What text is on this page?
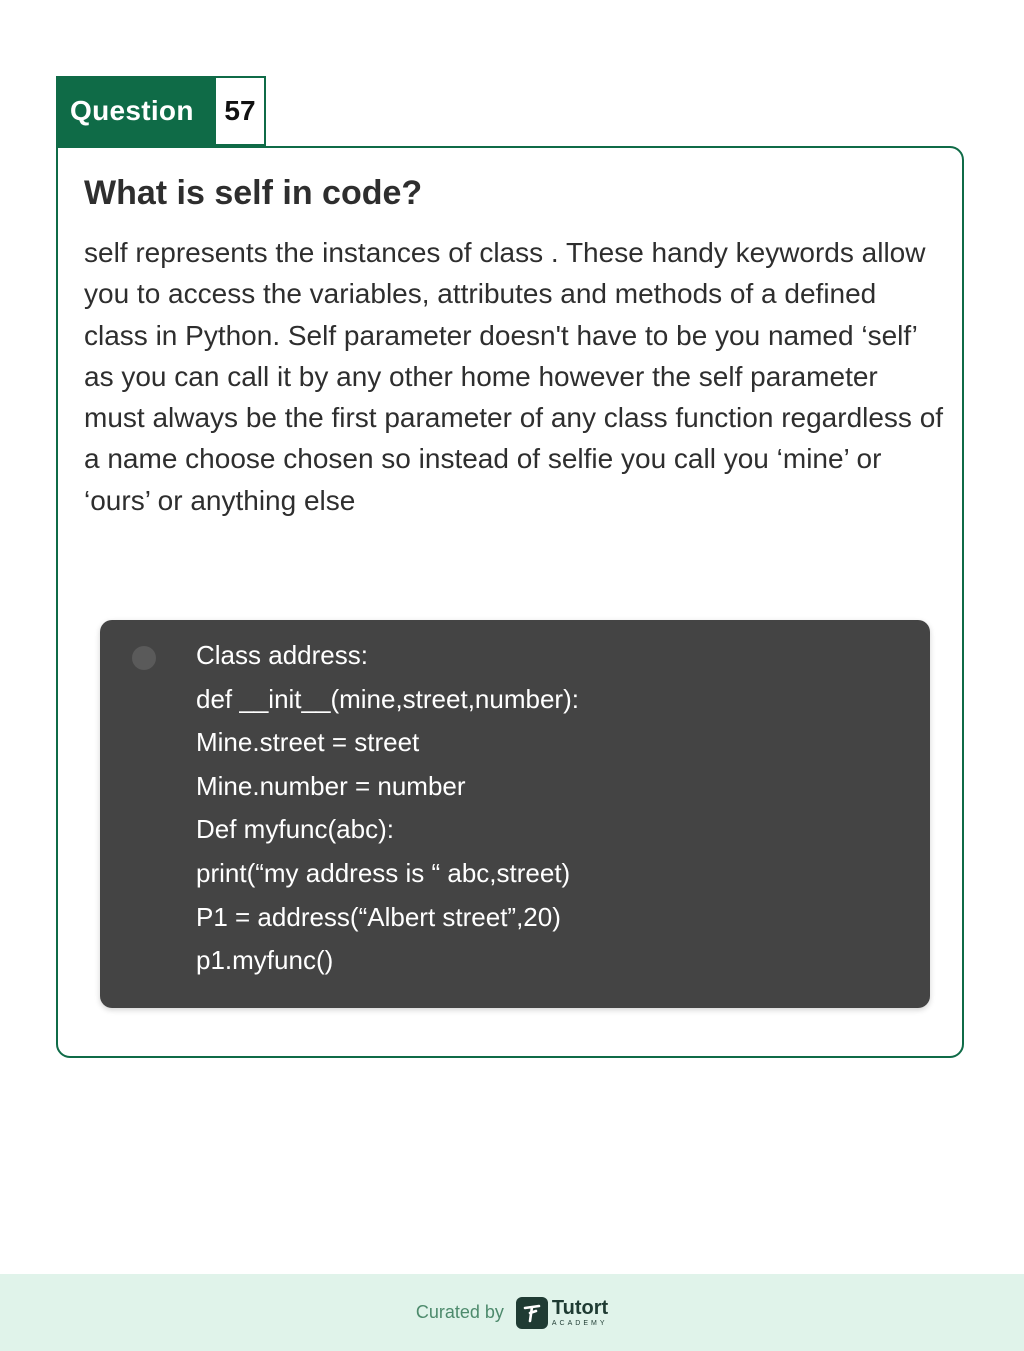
Question	57
What is self in code?

self represents the instances of class . These handy keywords allow you to access the variables, attributes and methods of a defined class in Python. Self parameter doesn't have to be you named ‘self’ as you can call it by any other home however the self parameter must always be the first parameter of any class function regardless of a name choose chosen so instead of selfie you call you ‘mine’ or ‘ours’ or anything else

Class address:
def __init__(mine,street,number):
Mine.street = street
Mine.number = number
Def myfunc(abc):
print(“my address is “ abc,street)
P1 = address(“Albert street”,20)
p1.myfunc()
Curated by Tutort
ACADEMY
